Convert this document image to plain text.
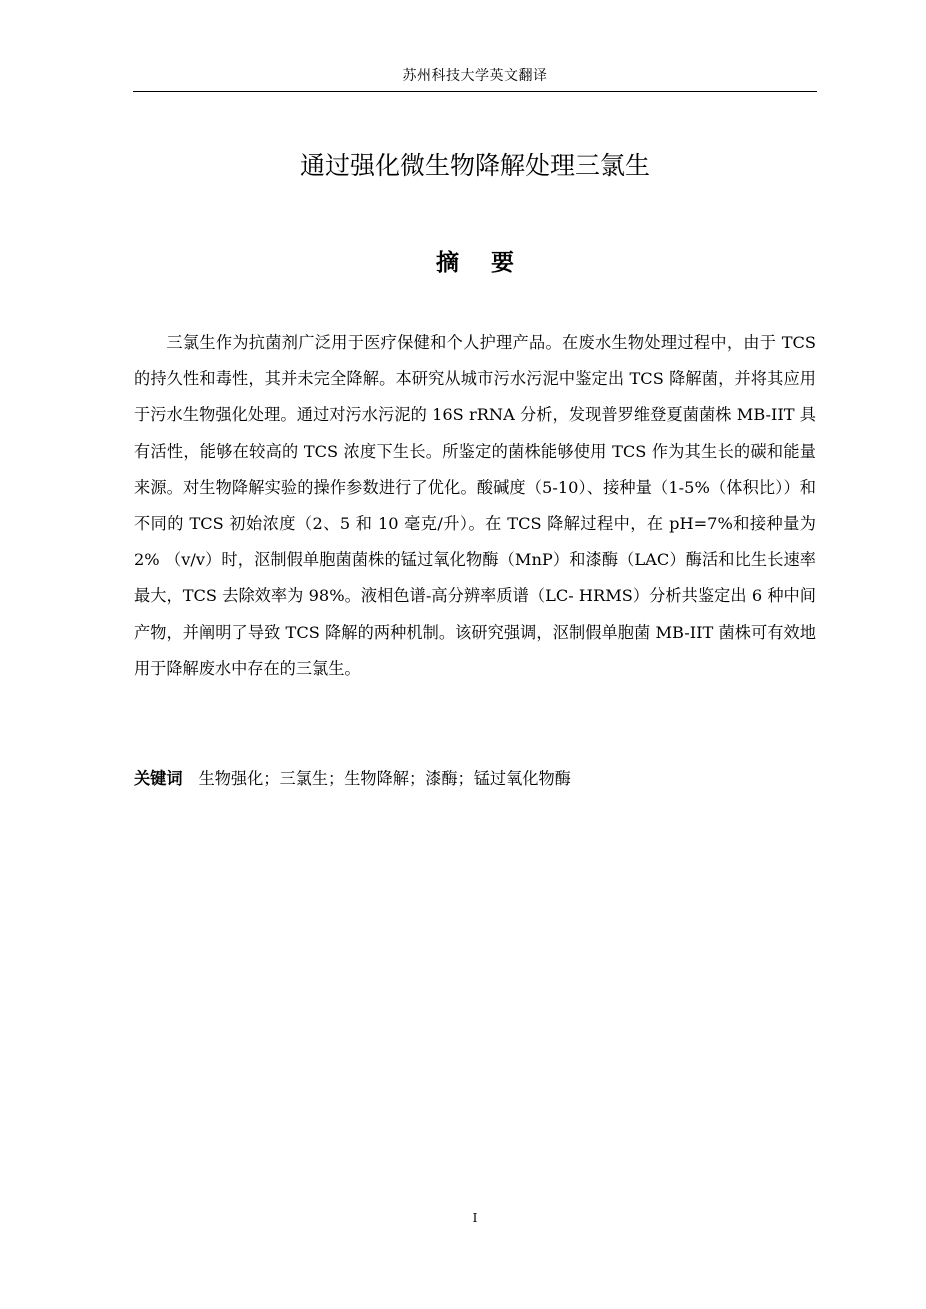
苏州科技大学英文翻译
通过强化微生物降解处理三氯生
摘要

三氯生作为抗菌剂广泛用于医疗保健和个人护理产品。在废水生物处理过程中，由于 TCS 的持久性和毒性，其并未完全降解。本研究从城市污水污泥中鉴定出 TCS 降解菌，并将其应用于污水生物强化处理。通过对污水污泥的 16S rRNA 分析，发现普罗维登夏菌菌株 MB-IIT 具有活性，能够在较高的 TCS 浓度下生长。所鉴定的菌株能够使用 TCS 作为其生长的碳和能量来源。对生物降解实验的操作参数进行了优化。酸碱度（5-10）、接种量（1-5%（体积比））和不同的 TCS 初始浓度（2、5 和 10 毫克/升）。在 TCS 降解过程中，在 pH=7%和接种量为 2% （v/v）时，沤制假单胞菌菌株的锰过氧化物酶（MnP）和漆酶（LAC）酶活和比生长速率最大，TCS 去除效率为 98%。液相色谱-高分辨率质谱（LC- HRMS）分析共鉴定出 6 种中间产物，并阐明了导致 TCS 降解的两种机制。该研究强调，沤制假单胞菌 MB-IIT 菌株可有效地用于降解废水中存在的三氯生。

关键词 生物强化；三氯生；生物降解；漆酶；锰过氧化物酶
I
